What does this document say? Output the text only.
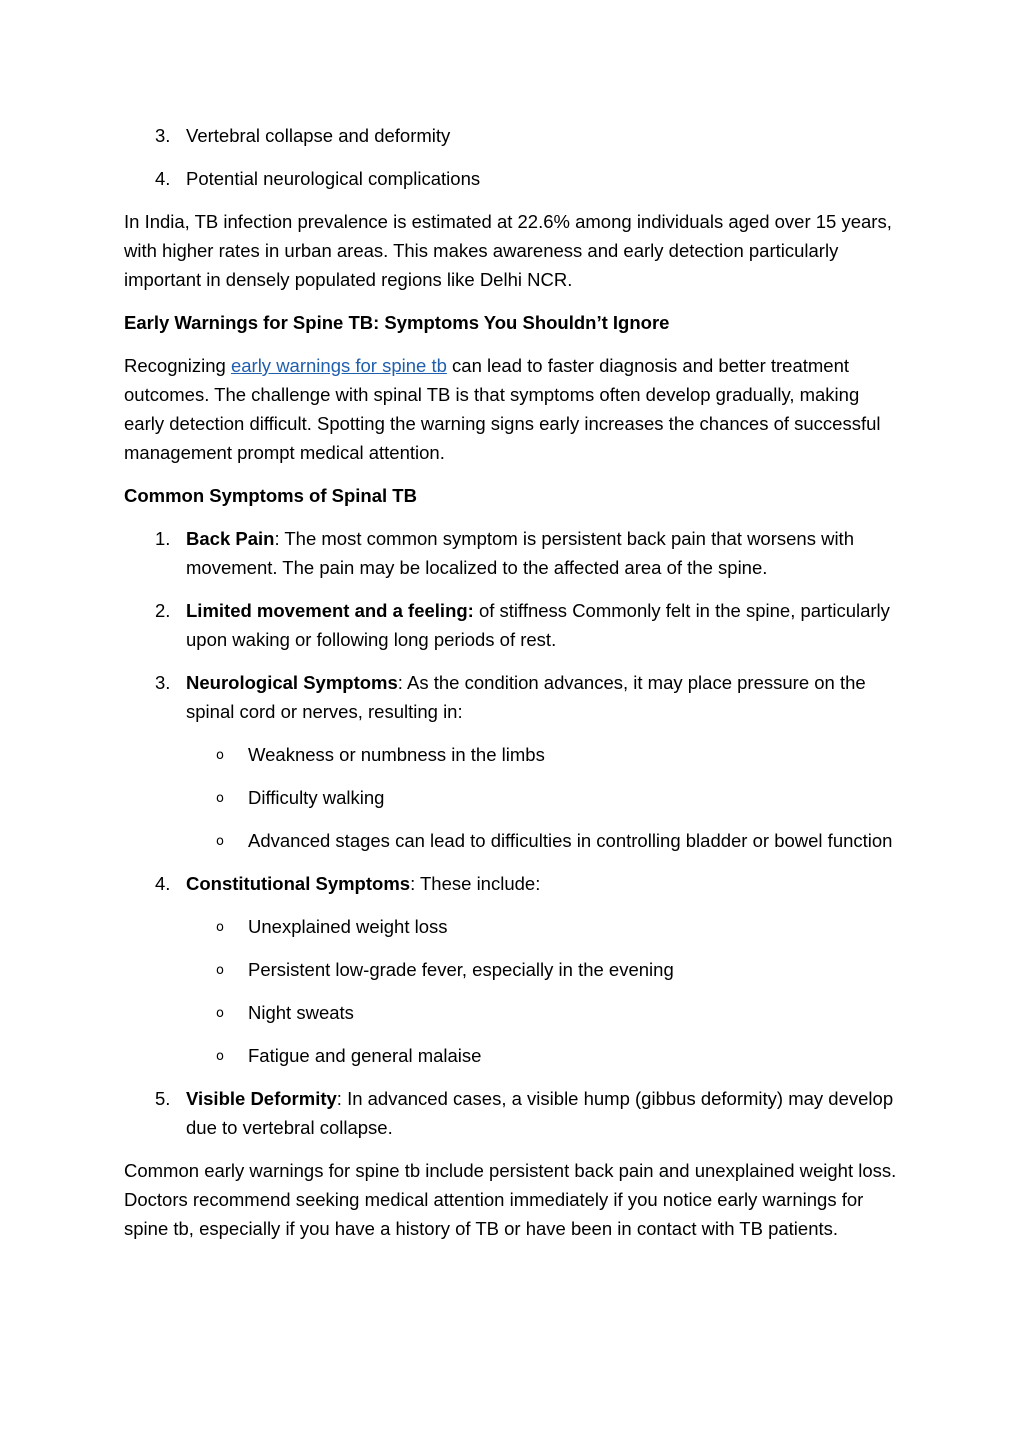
3. Vertebral collapse and deformity
4. Potential neurological complications

In India, TB infection prevalence is estimated at 22.6% among individuals aged over 15 years, with higher rates in urban areas. This makes awareness and early detection particularly important in densely populated regions like Delhi NCR.

Early Warnings for Spine TB: Symptoms You Shouldn’t Ignore

Recognizing early warnings for spine tb can lead to faster diagnosis and better treatment outcomes. The challenge with spinal TB is that symptoms often develop gradually, making early detection difficult. Spotting the warning signs early increases the chances of successful management prompt medical attention.

Common Symptoms of Spinal TB

1. Back Pain: The most common symptom is persistent back pain that worsens with movement. The pain may be localized to the affected area of the spine.
2. Limited movement and a feeling: of stiffness Commonly felt in the spine, particularly upon waking or following long periods of rest.
3. Neurological Symptoms: As the condition advances, it may place pressure on the spinal cord or nerves, resulting in:
o Weakness or numbness in the limbs
o Difficulty walking
o Advanced stages can lead to difficulties in controlling bladder or bowel function
4. Constitutional Symptoms: These include:
o Unexplained weight loss
o Persistent low-grade fever, especially in the evening
o Night sweats
o Fatigue and general malaise
5. Visible Deformity: In advanced cases, a visible hump (gibbus deformity) may develop due to vertebral collapse.

Common early warnings for spine tb include persistent back pain and unexplained weight loss. Doctors recommend seeking medical attention immediately if you notice early warnings for spine tb, especially if you have a history of TB or have been in contact with TB patients.
